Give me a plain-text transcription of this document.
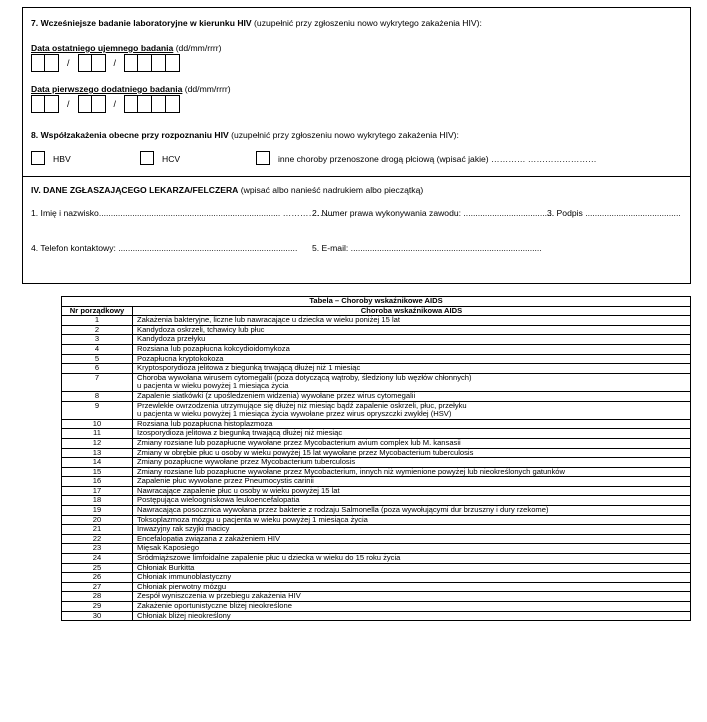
7. Wcześniejsze badanie laboratoryjne w kierunku HIV (uzupełnić przy zgłoszeniu nowo wykrytego zakażenia HIV):
Data ostatniego ujemnego badania (dd/mm/rrrr)
/	/
Data pierwszego dodatniego badania (dd/mm/rrrr)
/	/
8. Współzakażenia obecne przy rozpoznaniu HIV (uzupełnić przy zgłoszeniu nowo wykrytego zakażenia HIV):
HBV	HCV	inne choroby przenoszone drogą płciową (wpisać jakie) ………… ……………………
IV. DANE ZGŁASZAJĄCEGO LEKARZA/FELCZERA (wpisać albo nanieść nadrukiem albo pieczątką)
1. Imię i nazwisko............................................................................ ………………
2. Numer prawa wykonywania zawodu: ......................................
3. Podpis ........................................
4. Telefon kontaktowy: ........................................................................... 5. E-mail: ................................................................................
Tabela – Choroby wskaźnikowe AIDS	
Nr porządkowy	Choroba wskaźnikowa AIDS
1	Zakażenia bakteryjne, liczne lub nawracające u dziecka w wieku poniżej 15 lat
2	Kandydoza oskrzeli, tchawicy lub płuc
3	Kandydoza przełyku
4	Rozsiana lub pozapłucna kokcydioidomykoza
5	Pozapłucna kryptokokoza
6	Kryptosporydioza jelitowa z biegunką trwającą dłużej niż 1 miesiąc
7	Choroba wywołana wirusem cytomegalii (poza dotyczącą wątroby, śledziony lub węzłów chłonnych)
u pacjenta w wieku powyżej 1 miesiąca życia
8	Zapalenie siatkówki (z upośledzeniem widzenia) wywołane przez wirus cytomegalii
9	Przewlekłe owrzodzenia utrzymujące się dłużej niż miesiąc bądź zapalenie oskrzeli, płuc, przełyku
u pacjenta w wieku powyżej 1 miesiąca życia wywołane przez wirus opryszczki zwykłej (HSV)
10	Rozsiana lub pozapłucna histoplazmoza
11	Izosporydioza jelitowa z biegunką trwającą dłużej niż miesiąc
12	Zmiany rozsiane lub pozapłucne wywołane przez Mycobacterium avium complex lub M. kansasii
13	Zmiany w obrębie płuc u osoby w wieku powyżej 15 lat wywołane przez Mycobacterium tuberculosis
14	Zmiany pozapłucne wywołane przez Mycobacterium tuberculosis
15	Zmiany rozsiane lub pozapłucne wywołane przez Mycobacterium, innych niż wymienione powyżej lub nieokreślonych gatunków
16	Zapalenie płuc wywołane przez Pneumocystis carinii
17	Nawracające zapalenie płuc u osoby w wieku powyżej 15 lat
18	Postępująca wieloogniskowa leukoencefalopatia
19	Nawracająca posocznica wywołana przez bakterie z rodzaju Salmonella (poza wywołującymi dur brzuszny i dury rzekome)
20	Toksoplazmoza mózgu u pacjenta w wieku powyżej 1 miesiąca życia
21	Inwazyjny rak szyjki macicy
22	Encefalopatia związana z zakażeniem HIV
23	Mięsak Kaposiego
24	Śródmiąższowe limfoidalne zapalenie płuc u dziecka w wieku do 15 roku życia
25	Chłoniak Burkitta
26	Chłoniak immunoblastyczny
27	Chłoniak pierwotny mózgu
28	Zespół wyniszczenia w przebiegu zakażenia HIV
29	Zakażenie oportunistyczne bliżej nieokreślone
30	Chłoniak bliżej nieokreślony
